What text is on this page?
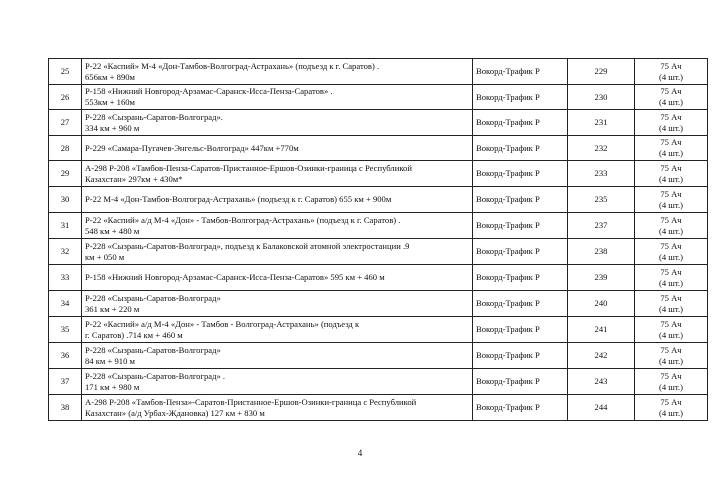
25	Р-22 «Каспий» М-4 «Дон-Тамбов-Волгоград-Астрахань» (подъезд к г. Саратов) .
656км + 890м	Вокорд-Трафик Р	229	75 Ач
(4 шт.)

26	Р-158 «Нижний Новгород-Арзамас-Саранск-Исса-Пенза-Саратов» .
553км + 160м	Вокорд-Трафик Р	230	75 Ач
(4 шт.)

27	Р-228 «Сызрань-Саратов-Волгоград».
334 км + 960 м	Вокорд-Трафик Р	231	75 Ач
(4 шт.)

28	Р-229 «Самара-Пугачев-Энгельс-Волгоград» 447км +770м	Вокорд-Трафик Р	232	75 Ач
(4 шт.)

29	А-298 Р-208 «Тамбов-Пенза-Саратов-Пристанное-Ершов-Озинки-граница с Республикой
Казахстан» 297км + 430м*	Вокорд-Трафик Р	233	75 Ач
(4 шт.)

30	Р-22 М-4 «Дон-Тамбов-Волгоград-Астрахань» (подъезд к г. Саратов) 655 км + 900м	Вокорд-Трафик Р	235	75 Ач
(4 шт.)

31	Р-22 «Каспий» а/д М-4 «Дон» - Тамбов-Волгоград-Астрахань» (подъезд к г. Саратов) .
548 км + 480 м	Вокорд-Трафик Р	237	75 Ач
(4 шт.)

32	Р-228 «Сызрань-Саратов-Волгоград», подъезд к Балаковской атомной электростанции .9
км + 050 м	Вокорд-Трафик Р	238	75 Ач
(4 шт.)

33	Р-158 «Нижний Новгород-Арзамас-Саранск-Исса-Пенза-Саратов» 595 км + 460 м	Вокорд-Трафик Р	239	75 Ач
(4 шт.)

34	Р-228 «Сызрань-Саратов-Волгоград»
361 км + 220 м	Вокорд-Трафик Р	240	75 Ач
(4 шт.)

35	Р-22 «Каспий» а/д М-4 «Дон» - Тамбов - Волгоград-Астрахань» (подъезд к
г. Саратов) .714 км + 460 м	Вокорд-Трафик Р	241	75 Ач
(4 шт.)

36	Р-228 «Сызрань-Саратов-Волгоград»
84 км + 910 м	Вокорд-Трафик Р	242	75 Ач
(4 шт.)

37	Р-228 «Сызрань-Саратов-Волгоград» .
171 км + 980 м	Вокорд-Трафик Р	243	75 Ач
(4 шт.)

38	А-298 Р-208 «Тамбов-Пенза»-Саратов-Пристанное-Ершов-Озинки-граница с Республикой
Казахстан» (а/д Урбах-Ждановка) 127 км + 830 м	Вокорд-Трафик Р	244	75 Ач
(4 шт.)
4
